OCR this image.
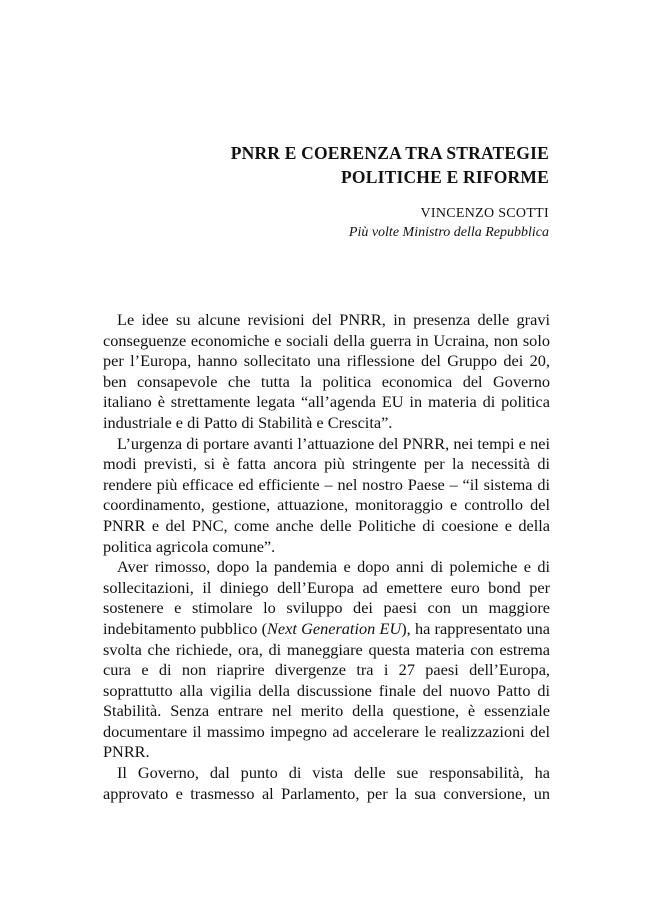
PNRR E COERENZA TRA STRATEGIE
POLITICHE E RIFORME
VINCENZO SCOTTI
Più volte Ministro della Repubblica

Le idee su alcune revisioni del PNRR, in presenza delle gravi conseguenze economiche e sociali della guerra in Ucraina, non solo per l’Europa, hanno sollecitato una riflessione del Gruppo dei 20, ben consapevole che tutta la politica economica del Governo italiano è strettamente legata “all’agenda EU in materia di politica industriale e di Patto di Stabilità e Crescita”.

L’urgenza di portare avanti l’attuazione del PNRR, nei tempi e nei modi previsti, si è fatta ancora più stringente per la necessità di rendere più efficace ed efficiente – nel nostro Paese – “il sistema di coordinamento, gestione, attuazione, monitoraggio e controllo del PNRR e del PNC, come anche delle Politiche di coesione e della politica agricola comune”.

Aver rimosso, dopo la pandemia e dopo anni di polemiche e di sollecitazioni, il diniego dell’Europa ad emettere euro bond per sostenere e stimolare lo sviluppo dei paesi con un maggiore indebitamento pubblico (Next Generation EU), ha rappresentato una svolta che richiede, ora, di maneggiare questa materia con estrema cura e di non riaprire divergenze tra i 27 paesi dell’Europa, soprattutto alla vigilia della discussione finale del nuovo Patto di Stabilità. Senza entrare nel merito della questione, è essenziale documentare il massimo impegno ad accelerare le realizzazioni del PNRR.

Il Governo, dal punto di vista delle sue responsabilità, ha approvato e trasmesso al Parlamento, per la sua conversione, un
